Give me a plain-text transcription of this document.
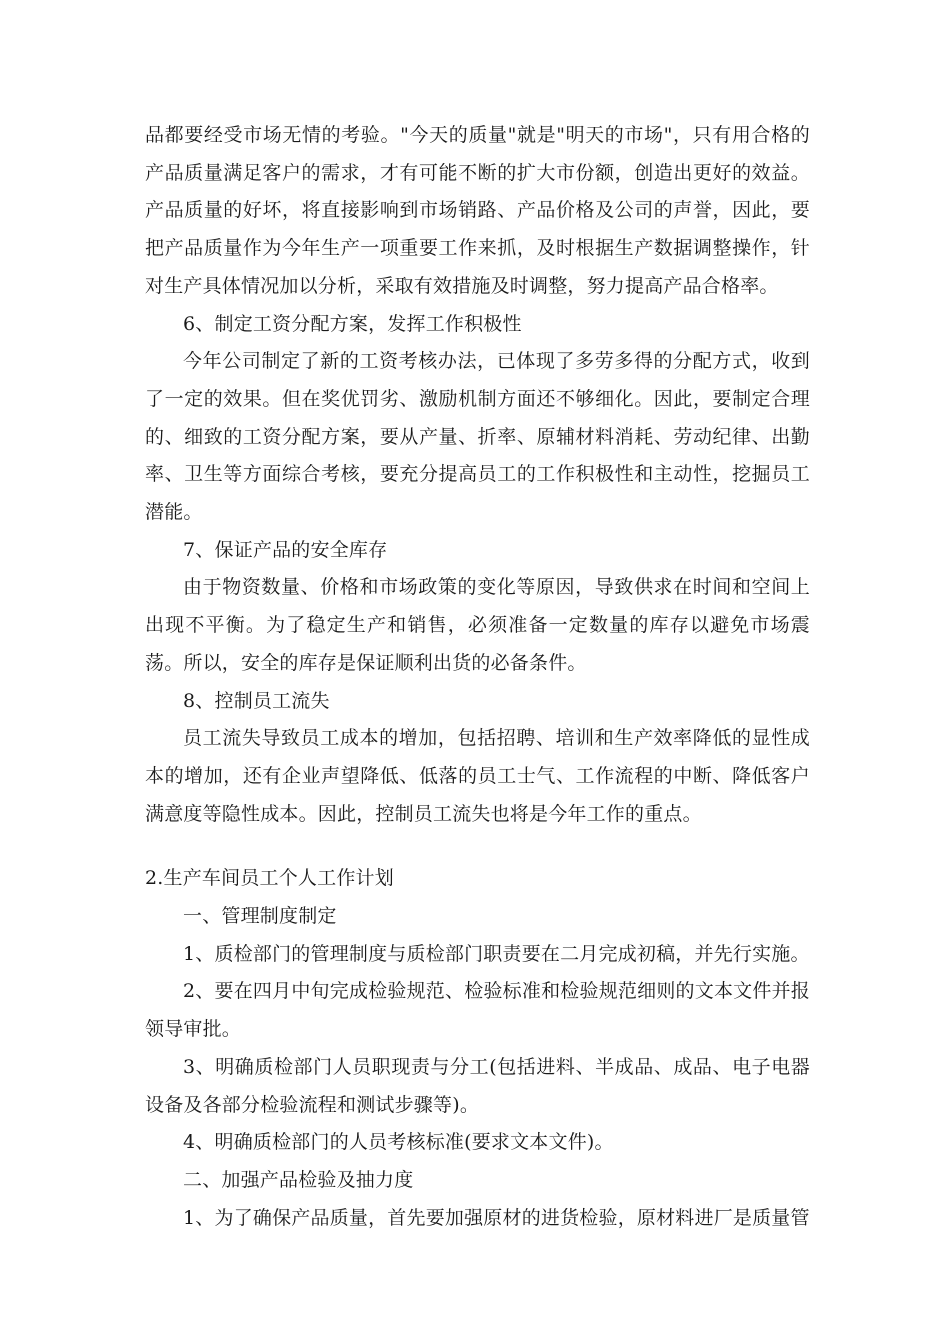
品都要经受市场无情的考验。"今天的质量"就是"明天的市场"，只有用合格的产品质量满足客户的需求，才有可能不断的扩大市份额，创造出更好的效益。产品质量的好坏，将直接影响到市场销路、产品价格及公司的声誉，因此，要把产品质量作为今年生产一项重要工作来抓，及时根据生产数据调整操作，针对生产具体情况加以分析，采取有效措施及时调整，努力提高产品合格率。

6、制定工资分配方案，发挥工作积极性

今年公司制定了新的工资考核办法，已体现了多劳多得的分配方式，收到了一定的效果。但在奖优罚劣、激励机制方面还不够细化。因此，要制定合理的、细致的工资分配方案，要从产量、折率、原辅材料消耗、劳动纪律、出勤率、卫生等方面综合考核，要充分提高员工的工作积极性和主动性，挖掘员工潜能。

7、保证产品的安全库存

由于物资数量、价格和市场政策的变化等原因，导致供求在时间和空间上出现不平衡。为了稳定生产和销售，必须准备一定数量的库存以避免市场震荡。所以，安全的库存是保证顺利出货的必备条件。

8、控制员工流失

员工流失导致员工成本的增加，包括招聘、培训和生产效率降低的显性成本的增加，还有企业声望降低、低落的员工士气、工作流程的中断、降低客户满意度等隐性成本。因此，控制员工流失也将是今年工作的重点。

2.生产车间员工个人工作计划

一、管理制度制定

1、质检部门的管理制度与质检部门职责要在二月完成初稿，并先行实施。

2、要在四月中旬完成检验规范、检验标准和检验规范细则的文本文件并报领导审批。

3、明确质检部门人员职现责与分工(包括进料、半成品、成品、电子电器设备及各部分检验流程和测试步骤等)。

4、明确质检部门的人员考核标准(要求文本文件)。

二、加强产品检验及抽力度

1、为了确保产品质量，首先要加强原材的进货检验，原材料进厂是质量管
